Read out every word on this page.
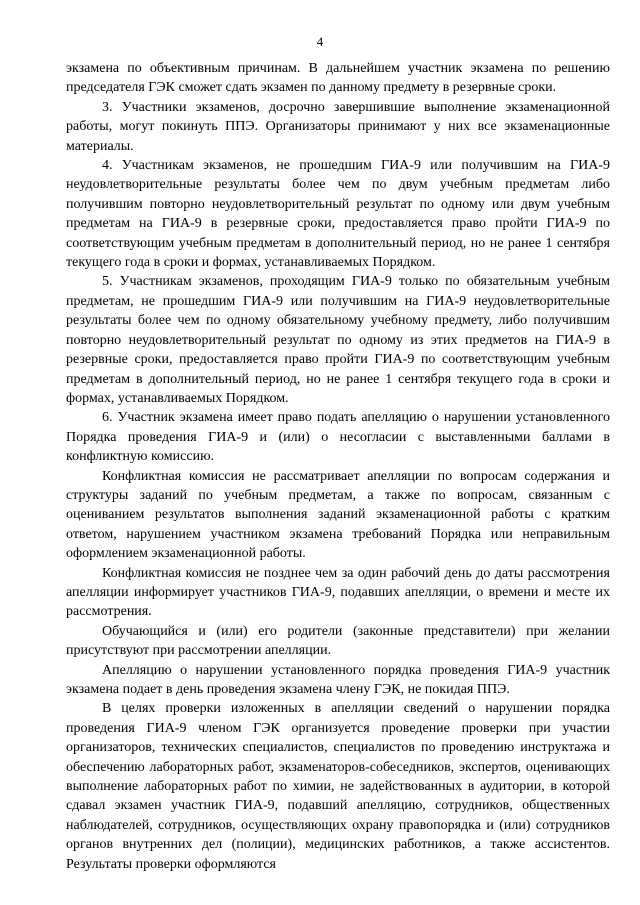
4

экзамена по объективным причинам. В дальнейшем участник экзамена по решению председателя ГЭК сможет сдать экзамен по данному предмету в резервные сроки.

3. Участники экзаменов, досрочно завершившие выполнение экзаменационной работы, могут покинуть ППЭ. Организаторы принимают у них все экзаменационные материалы.

4. Участникам экзаменов, не прошедшим ГИА-9 или получившим на ГИА-9 неудовлетворительные результаты более чем по двум учебным предметам либо получившим повторно неудовлетворительный результат по одному или двум учебным предметам на ГИА-9 в резервные сроки, предоставляется право пройти ГИА-9 по соответствующим учебным предметам в дополнительный период, но не ранее 1 сентября текущего года в сроки и формах, устанавливаемых Порядком.

5. Участникам экзаменов, проходящим ГИА-9 только по обязательным учебным предметам, не прошедшим ГИА-9 или получившим на ГИА-9 неудовлетворительные результаты более чем по одному обязательному учебному предмету, либо получившим повторно неудовлетворительный результат по одному из этих предметов на ГИА-9 в резервные сроки, предоставляется право пройти ГИА-9 по соответствующим учебным предметам в дополнительный период, но не ранее 1 сентября текущего года в сроки и формах, устанавливаемых Порядком.

6. Участник экзамена имеет право подать апелляцию о нарушении установленного Порядка проведения ГИА-9 и (или) о несогласии с выставленными баллами в конфликтную комиссию.

Конфликтная комиссия не рассматривает апелляции по вопросам содержания и структуры заданий по учебным предметам, а также по вопросам, связанным с оцениванием результатов выполнения заданий экзаменационной работы с кратким ответом, нарушением участником экзамена требований Порядка или неправильным оформлением экзаменационной работы.

Конфликтная комиссия не позднее чем за один рабочий день до даты рассмотрения апелляции информирует участников ГИА-9, подавших апелляции, о времени и месте их рассмотрения.

Обучающийся и (или) его родители (законные представители) при желании присутствуют при рассмотрении апелляции.

Апелляцию о нарушении установленного порядка проведения ГИА-9 участник экзамена подает в день проведения экзамена члену ГЭК, не покидая ППЭ.

В целях проверки изложенных в апелляции сведений о нарушении порядка проведения ГИА-9 членом ГЭК организуется проведение проверки при участии организаторов, технических специалистов, специалистов по проведению инструктажа и обеспечению лабораторных работ, экзаменаторов-собеседников, экспертов, оценивающих выполнение лабораторных работ по химии, не задействованных в аудитории, в которой сдавал экзамен участник ГИА-9, подавший апелляцию, сотрудников, общественных наблюдателей, сотрудников, осуществляющих охрану правопорядка и (или) сотрудников органов внутренних дел (полиции), медицинских работников, а также ассистентов. Результаты проверки оформляются
